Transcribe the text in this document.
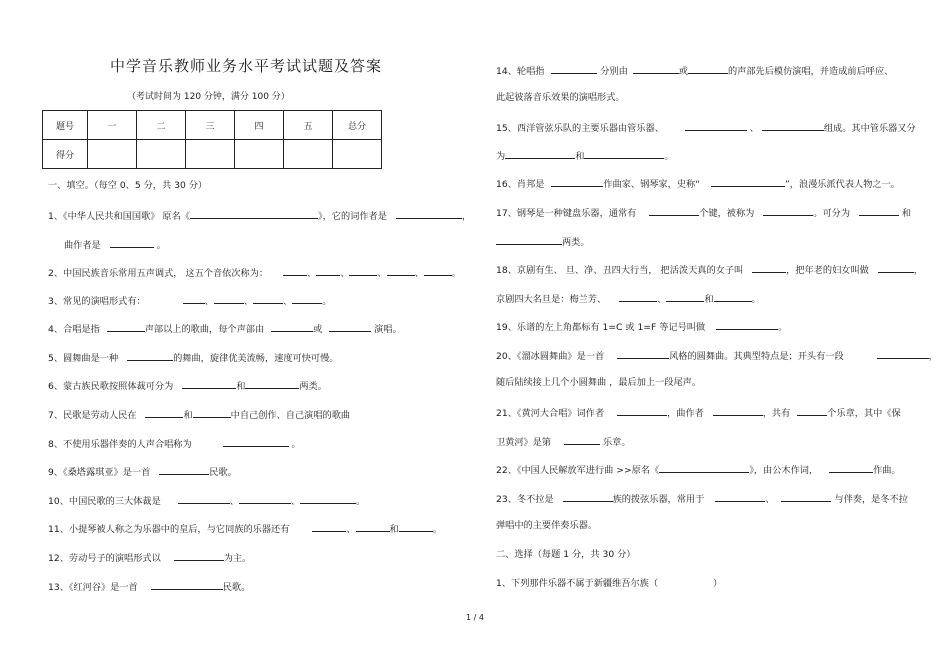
中学音乐教师业务水平考试试题及答案
（考试时间为 120 分钟，满分 100 分）
题号	一	二	三	四	五	总分
得分						
一、填空。（每空 0、5 分，共 30 分）
1、《中华人民共和国国歌》 原名《	》，它的词作者是	，
曲作者是	。
2、中国民族音乐常用五声调式， 这五个音依次称为：	、	、	、	、	。
3、常见的演唱形式有：	、	、	、	。
4、合唱是指	声部以上的歌曲，每个声部由	或	演唱。
5、圆舞曲是一种	的舞曲，旋律优美流畅，速度可快可慢。
6、蒙古族民歌按照体裁可分为	和	两类。
7、民歌是劳动人民在	和	中自己创作、自己演唱的歌曲
8、不使用乐器伴奏的人声合唱称为	。
9、《桑塔露琪亚》是一首	民歌。
10、中国民歌的三大体裁是	、	、	。
11、小提琴被人称之为乐器中的皇后，与它同族的乐器还有	、	和	。
12、劳动号子的演唱形式以	为主。
13、《红河谷》是一首	民歌。
14、轮唱指	分别由	或	的声部先后模仿演唱，并造成前后呼应、
此起彼落音乐效果的演唱形式。
15、西洋管弦乐队的主要乐器由管乐器、	、	组成。其中管乐器又分
为	和	。
16、肖邦是	作曲家、钢琴家，史称“	”，浪漫乐派代表人物之一。
17、钢琴是一种键盘乐器，通常有	个键，被称为	。可分为	和
两类。
18、京剧有生、 旦、净、丑四大行当， 把活泼天真的女子叫	，把年老的妇女叫做	，
京剧四大名旦是：梅兰芳、	、	和	。
19、乐谱的左上角都标有 1=C 或 1=F 等记号叫做	。
20、《溜冰圆舞曲》是一首	风格的圆舞曲。其典型特点是；开头有一段	，
随后陆续接上几个小圆舞曲 ，最后加上一段尾声。
21、《黄河大合唱》词作者	，曲作者	，共有	个乐章，其中《保
卫黄河》是第	乐章。
22、《中国人民解放军进行曲 >>原名《	》，由公木作词，	作曲。
23、冬不拉是	族的拨弦乐器，常用于	、	与伴奏，是冬不拉
弹唱中的主要伴奏乐器。
二、选择（每题 1 分，共 30 分）
1、下列那件乐器不属于新疆维吾尔族（	）
1 / 4
